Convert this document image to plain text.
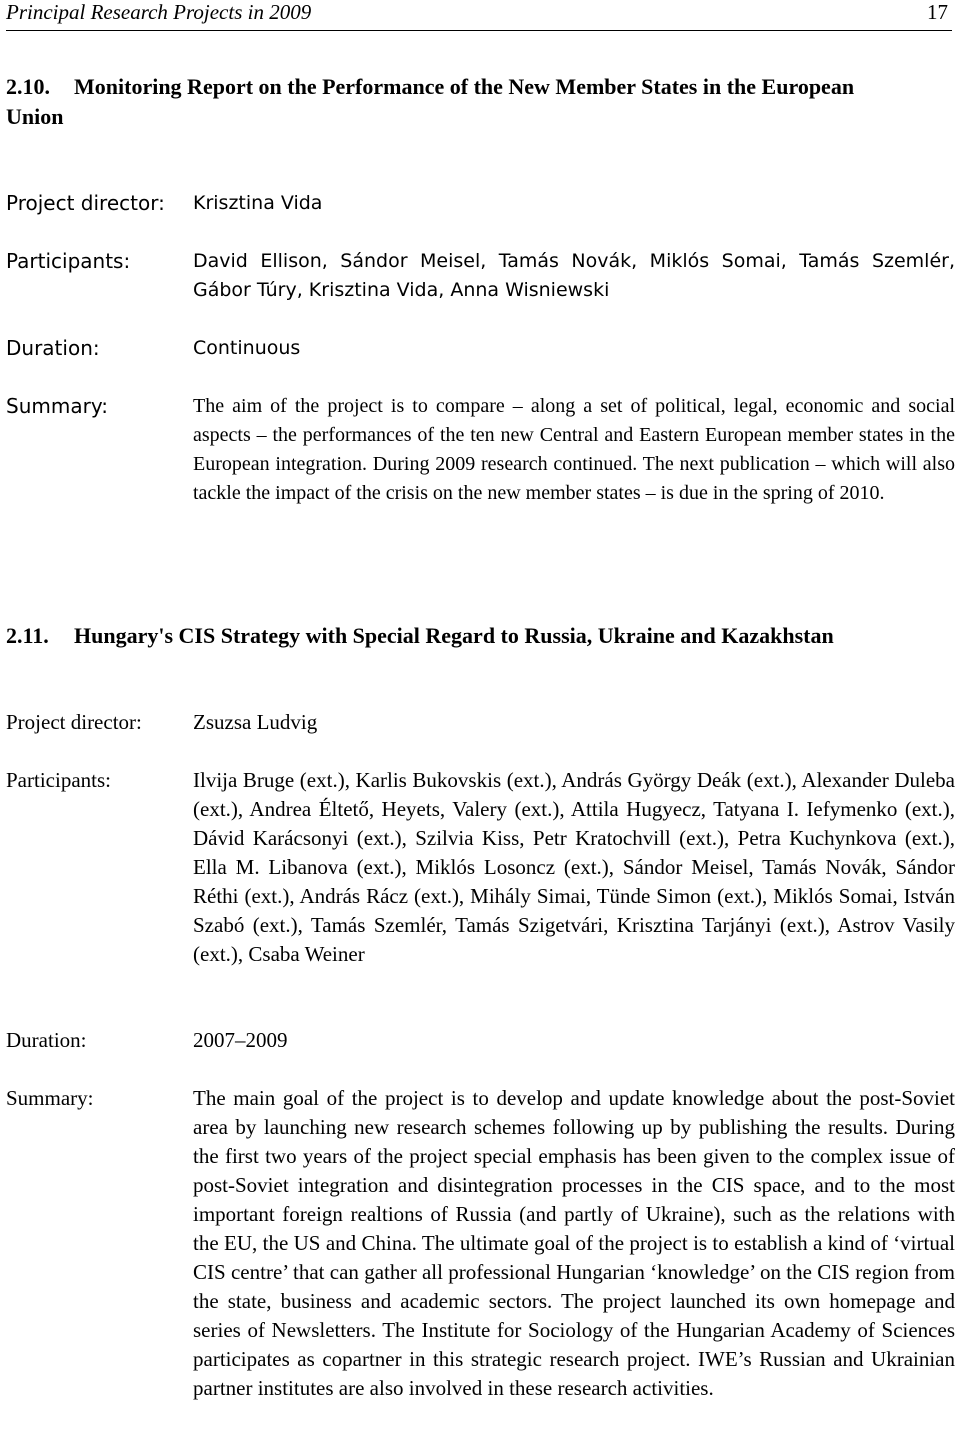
Principal Research Projects in 2009	17
2.10. Monitoring Report on the Performance of the New Member States in the European
Union
Project director: Krisztina Vida
Participants:	David Ellison, Sándor Meisel, Tamás Novák, Miklós Somai, Tamás Szemlér, Gábor Túry, Krisztina Vida, Anna Wisniewski
Duration:	Continuous
Summary:	The aim of the project is to compare – along a set of political, legal, economic and social aspects – the performances of the ten new Central and Eastern European member states in the European integration. During 2009 research continued. The next publication – which will also tackle the impact of the crisis on the new member states – is due in the spring of 2010.
2.11. Hungary's CIS Strategy with Special Regard to Russia, Ukraine and Kazakhstan
Project director: Zsuzsa Ludvig
Participants:	Ilvija Bruge (ext.), Karlis Bukovskis (ext.), András György Deák (ext.), Alexander Duleba (ext.), Andrea Éltető, Heyets, Valery (ext.), Attila Hugyecz, Tatyana I. Iefymenko (ext.), Dávid Karácsonyi (ext.), Szilvia Kiss, Petr Kratochvill (ext.), Petra Kuchynkova (ext.), Ella M. Libanova (ext.), Miklós Losoncz (ext.), Sándor Meisel, Tamás Novák, Sándor Réthi (ext.), András Rácz (ext.), Mihály Simai, Tünde Simon (ext.), Miklós Somai, István Szabó (ext.), Tamás Szemlér, Tamás Szigetvári, Krisztina Tarjányi (ext.), Astrov Vasily (ext.), Csaba Weiner
Duration:	2007–2009
Summary:	The main goal of the project is to develop and update knowledge about the post-Soviet area by launching new research schemes following up by publishing the results. During the first two years of the project special emphasis has been given to the complex issue of post-Soviet integration and disintegration processes in the CIS space, and to the most important foreign realtions of Russia (and partly of Ukraine), such as the relations with the EU, the US and China. The ultimate goal of the project is to establish a kind of ‘virtual CIS centre’ that can gather all professional Hungarian ‘knowledge’ on the CIS region from the state, business and academic sectors. The project launched its own homepage and series of Newsletters. The Institute for Sociology of the Hungarian Academy of Sciences participates as copartner in this strategic research project. IWE’s Russian and Ukrainian partner institutes are also involved in these research activities.
